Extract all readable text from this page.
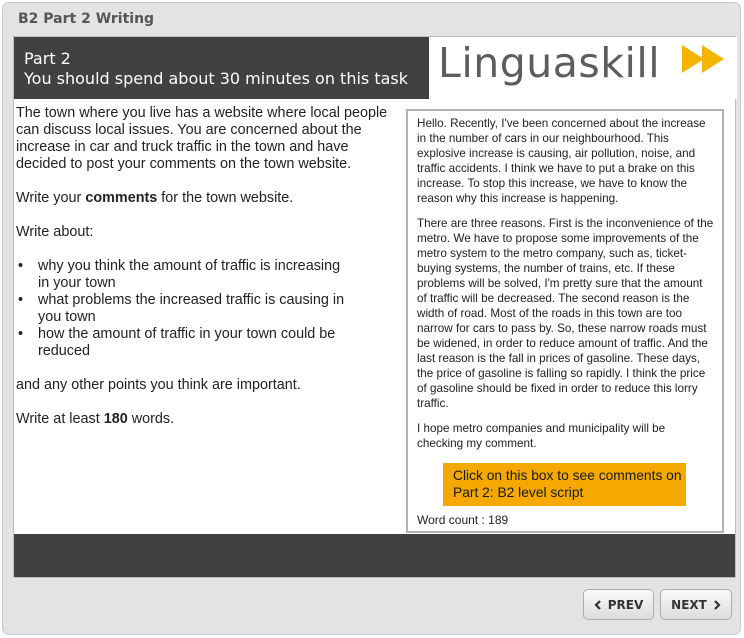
B2 Part 2 Writing
Part 2
You should spend about 30 minutes on this task Linguaskill

The town where you live has a website where local people can discuss local issues. You are concerned about the increase in car and truck traffic in the town and have decided to post your comments on the town website.

Write your comments for the town website.

Write about:

• why you think the amount of traffic is increasing in your town
• what problems the increased traffic is causing in you town
• how the amount of traffic in your town could be reduced

and any other points you think are important.

Write at least 180 words.

Hello. Recently, I've been concerned about the increase in the number of cars in our neighbourhood. This explosive increase is causing, air pollution, noise, and traffic accidents. I think we have to put a brake on this increase. To stop this increase, we have to know the reason why this increase is happening.

There are three reasons. First is the inconvenience of the metro. We have to propose some improvements of the metro system to the metro company, such as, ticket-buying systems, the number of trains, etc. If these problems will be solved, I'm pretty sure that the amount of traffic will be decreased. The second reason is the width of road. Most of the roads in this town are too narrow for cars to pass by. So, these narrow roads must be widened, in order to reduce amount of traffic. And the last reason is the fall in prices of gasoline. These days, the price of gasoline is falling so rapidly. I think the price of gasoline should be fixed in order to reduce this lorry traffic.

I hope metro companies and municipality will be checking my comment.

Click on this box to see comments on Part 2: B2 level script
Word count : 189
PREV NEXT
